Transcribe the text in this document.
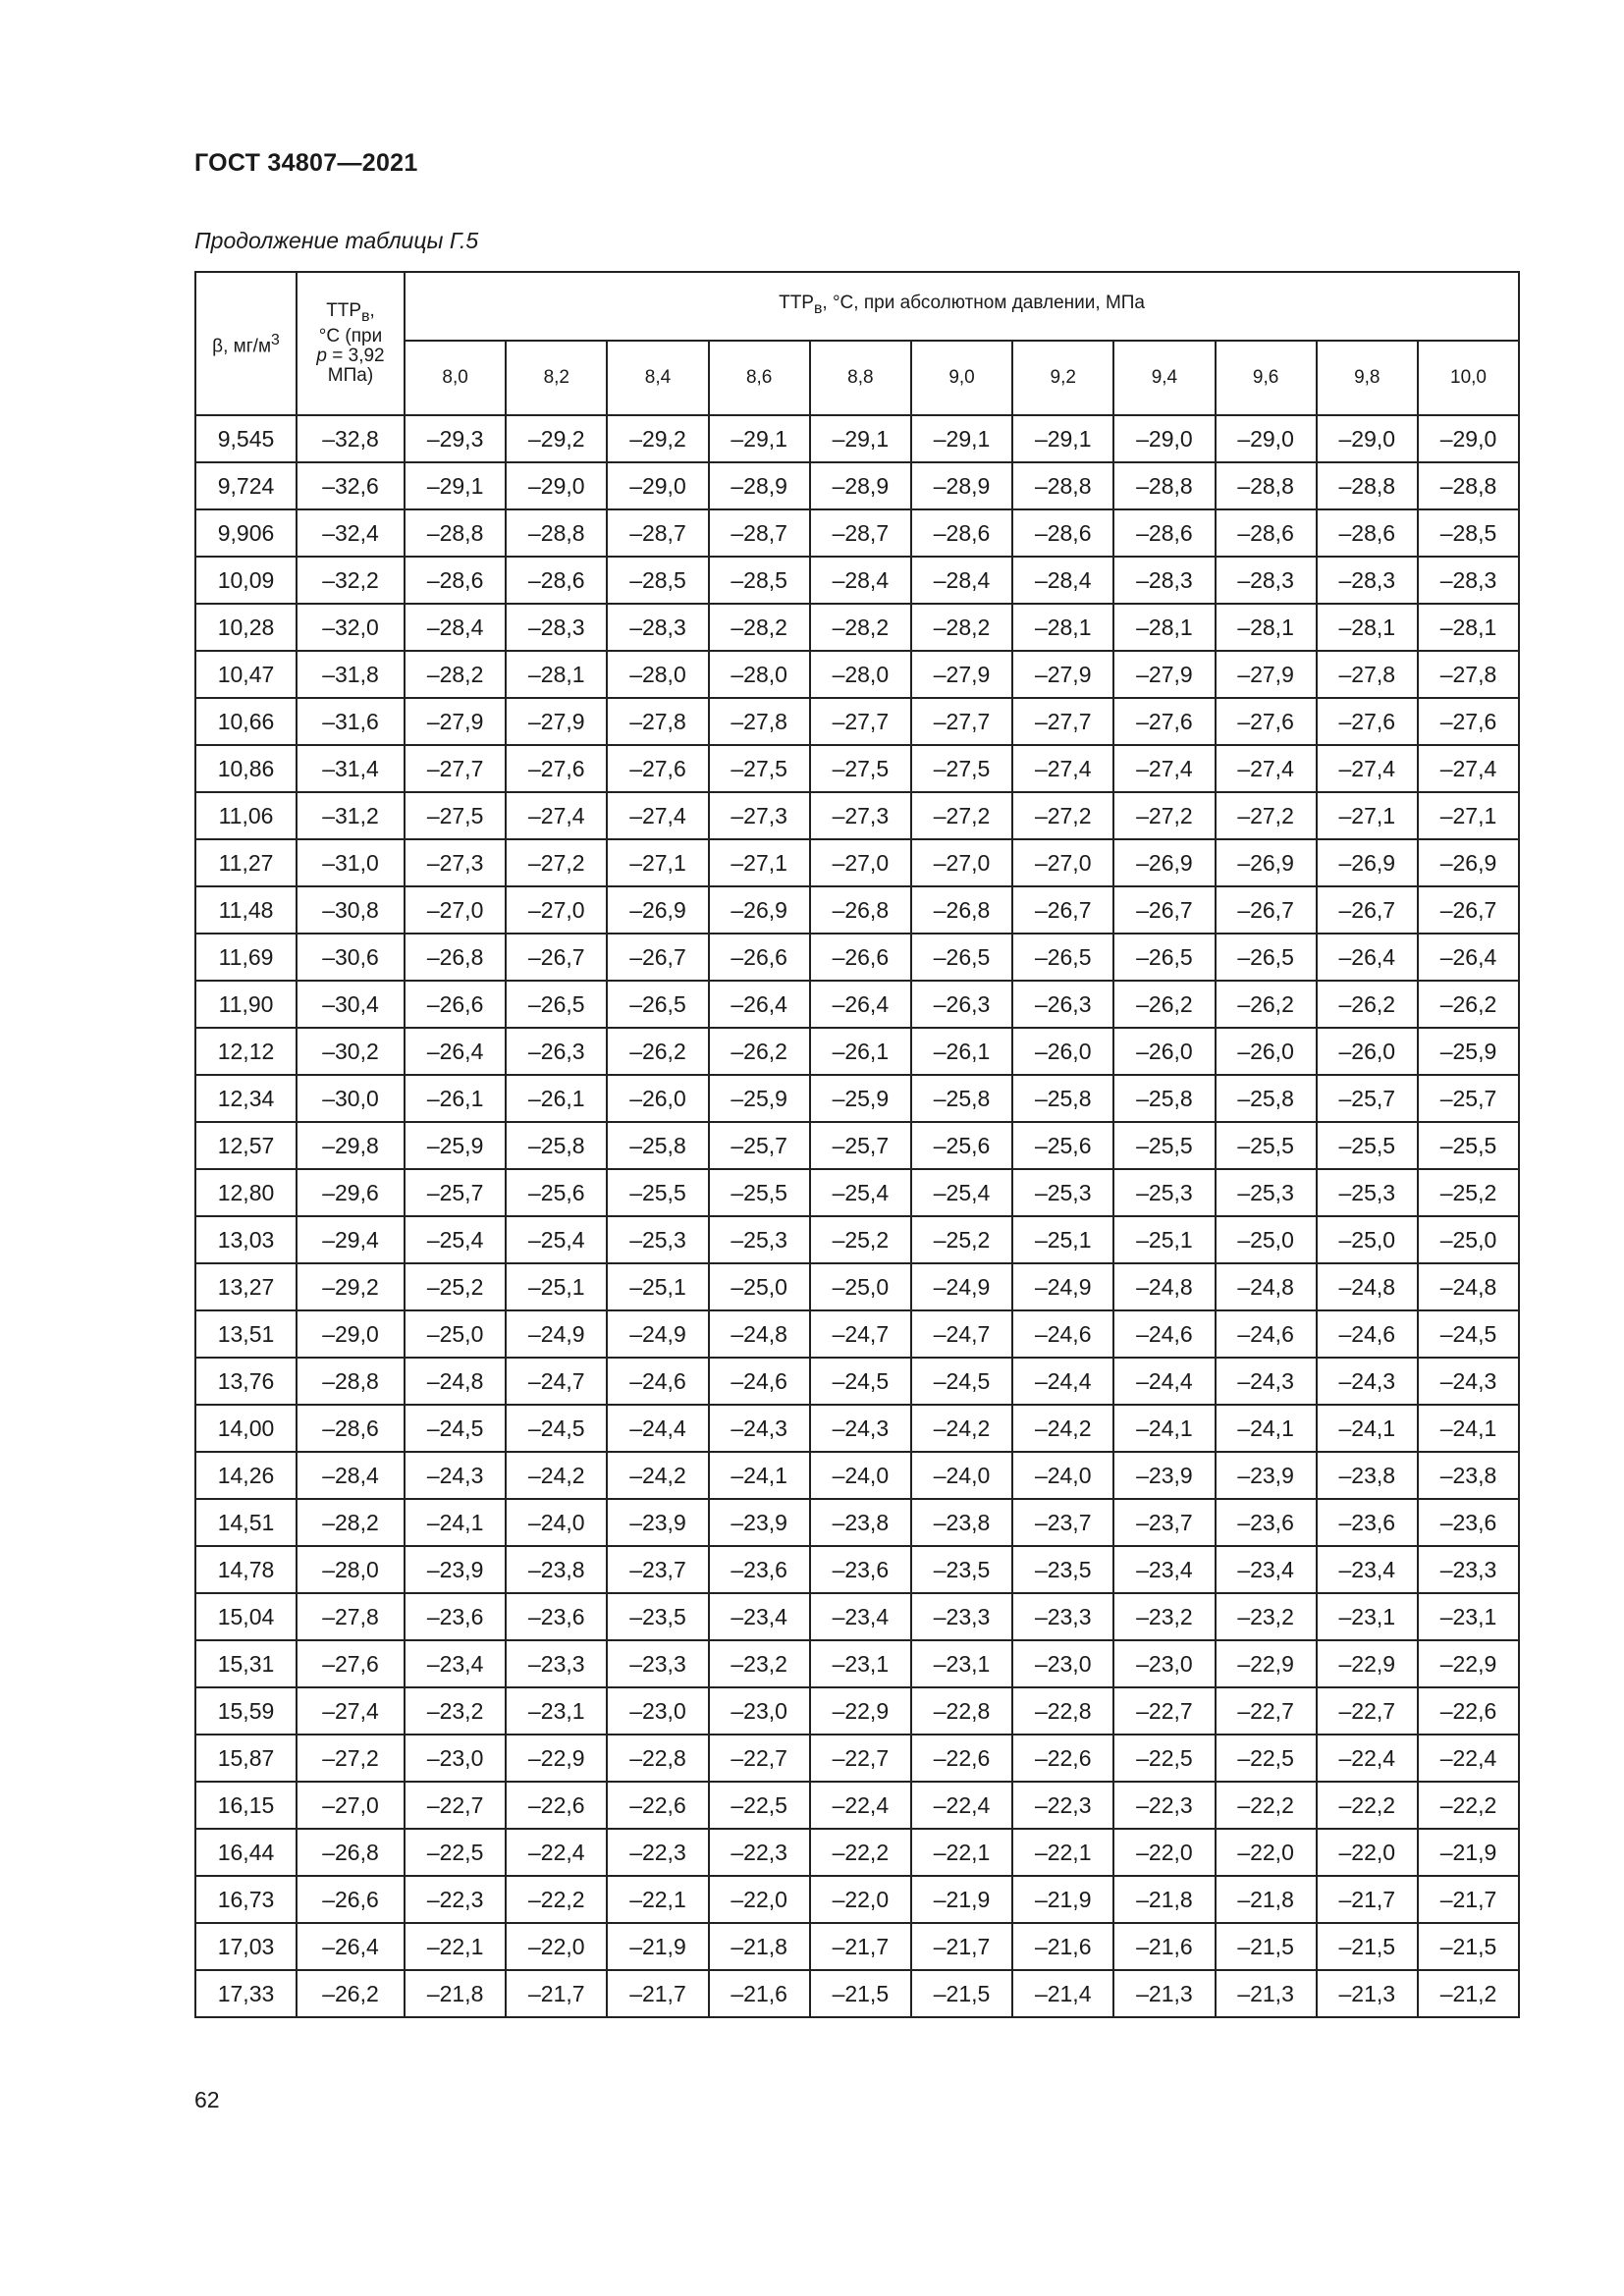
ГОСТ 34807—2021
Продолжение таблицы Г.5
β, $мг/м^3$	$ТТР_в$,
°С (при
р = 3,92
МПа)	$ТТР_в$, °С, при абсолютном давлении, МПа										
		8,0	8,2	8,4	8,6	8,8	9,0	9,2	9,4	9,6	9,8	10,0
9,545	–32,8	–29,3	–29,2	–29,2	–29,1	–29,1	–29,1	–29,1	–29,0	–29,0	–29,0	–29,0
9,724	–32,6	–29,1	–29,0	–29,0	–28,9	–28,9	–28,9	–28,8	–28,8	–28,8	–28,8	–28,8
9,906	–32,4	–28,8	–28,8	–28,7	–28,7	–28,7	–28,6	–28,6	–28,6	–28,6	–28,6	–28,5
10,09	–32,2	–28,6	–28,6	–28,5	–28,5	–28,4	–28,4	–28,4	–28,3	–28,3	–28,3	–28,3
10,28	–32,0	–28,4	–28,3	–28,3	–28,2	–28,2	–28,2	–28,1	–28,1	–28,1	–28,1	–28,1
10,47	–31,8	–28,2	–28,1	–28,0	–28,0	–28,0	–27,9	–27,9	–27,9	–27,9	–27,8	–27,8
10,66	–31,6	–27,9	–27,9	–27,8	–27,8	–27,7	–27,7	–27,7	–27,6	–27,6	–27,6	–27,6
10,86	–31,4	–27,7	–27,6	–27,6	–27,5	–27,5	–27,5	–27,4	–27,4	–27,4	–27,4	–27,4
11,06	–31,2	–27,5	–27,4	–27,4	–27,3	–27,3	–27,2	–27,2	–27,2	–27,2	–27,1	–27,1
11,27	–31,0	–27,3	–27,2	–27,1	–27,1	–27,0	–27,0	–27,0	–26,9	–26,9	–26,9	–26,9
11,48	–30,8	–27,0	–27,0	–26,9	–26,9	–26,8	–26,8	–26,7	–26,7	–26,7	–26,7	–26,7
11,69	–30,6	–26,8	–26,7	–26,7	–26,6	–26,6	–26,5	–26,5	–26,5	–26,5	–26,4	–26,4
11,90	–30,4	–26,6	–26,5	–26,5	–26,4	–26,4	–26,3	–26,3	–26,2	–26,2	–26,2	–26,2
12,12	–30,2	–26,4	–26,3	–26,2	–26,2	–26,1	–26,1	–26,0	–26,0	–26,0	–26,0	–25,9
12,34	–30,0	–26,1	–26,1	–26,0	–25,9	–25,9	–25,8	–25,8	–25,8	–25,8	–25,7	–25,7
12,57	–29,8	–25,9	–25,8	–25,8	–25,7	–25,7	–25,6	–25,6	–25,5	–25,5	–25,5	–25,5
12,80	–29,6	–25,7	–25,6	–25,5	–25,5	–25,4	–25,4	–25,3	–25,3	–25,3	–25,3	–25,2
13,03	–29,4	–25,4	–25,4	–25,3	–25,3	–25,2	–25,2	–25,1	–25,1	–25,0	–25,0	–25,0
13,27	–29,2	–25,2	–25,1	–25,1	–25,0	–25,0	–24,9	–24,9	–24,8	–24,8	–24,8	–24,8
13,51	–29,0	–25,0	–24,9	–24,9	–24,8	–24,7	–24,7	–24,6	–24,6	–24,6	–24,6	–24,5
13,76	–28,8	–24,8	–24,7	–24,6	–24,6	–24,5	–24,5	–24,4	–24,4	–24,3	–24,3	–24,3
14,00	–28,6	–24,5	–24,5	–24,4	–24,3	–24,3	–24,2	–24,2	–24,1	–24,1	–24,1	–24,1
14,26	–28,4	–24,3	–24,2	–24,2	–24,1	–24,0	–24,0	–24,0	–23,9	–23,9	–23,8	–23,8
14,51	–28,2	–24,1	–24,0	–23,9	–23,9	–23,8	–23,8	–23,7	–23,7	–23,6	–23,6	–23,6
14,78	–28,0	–23,9	–23,8	–23,7	–23,6	–23,6	–23,5	–23,5	–23,4	–23,4	–23,4	–23,3
15,04	–27,8	–23,6	–23,6	–23,5	–23,4	–23,4	–23,3	–23,3	–23,2	–23,2	–23,1	–23,1
15,31	–27,6	–23,4	–23,3	–23,3	–23,2	–23,1	–23,1	–23,0	–23,0	–22,9	–22,9	–22,9
15,59	–27,4	–23,2	–23,1	–23,0	–23,0	–22,9	–22,8	–22,8	–22,7	–22,7	–22,7	–22,6
15,87	–27,2	–23,0	–22,9	–22,8	–22,7	–22,7	–22,6	–22,6	–22,5	–22,5	–22,4	–22,4
16,15	–27,0	–22,7	–22,6	–22,6	–22,5	–22,4	–22,4	–22,3	–22,3	–22,2	–22,2	–22,2
16,44	–26,8	–22,5	–22,4	–22,3	–22,3	–22,2	–22,1	–22,1	–22,0	–22,0	–22,0	–21,9
16,73	–26,6	–22,3	–22,2	–22,1	–22,0	–22,0	–21,9	–21,9	–21,8	–21,8	–21,7	–21,7
17,03	–26,4	–22,1	–22,0	–21,9	–21,8	–21,7	–21,7	–21,6	–21,6	–21,5	–21,5	–21,5
17,33	–26,2	–21,8	–21,7	–21,7	–21,6	–21,5	–21,5	–21,4	–21,3	–21,3	–21,3	–21,2
62
